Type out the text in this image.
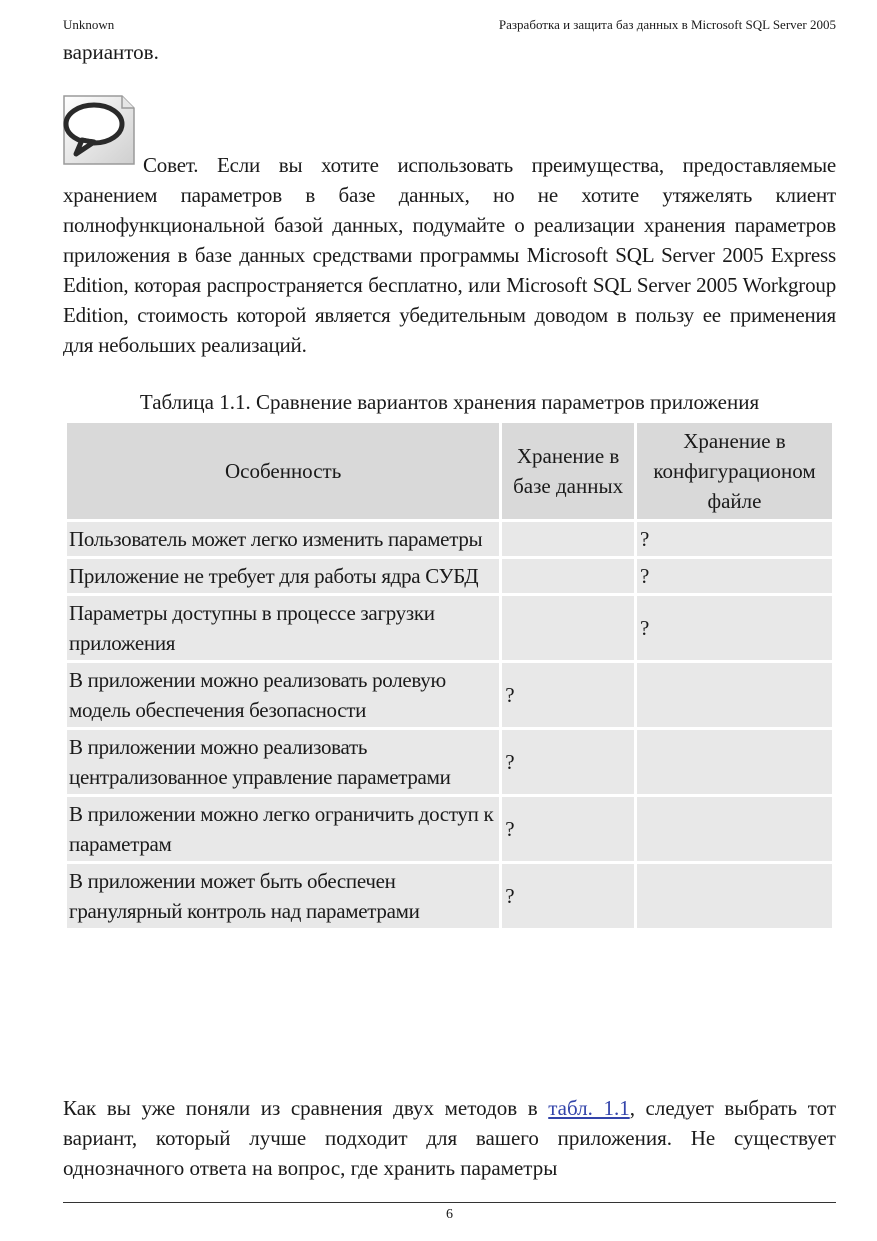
Unknown	Разработка и защита баз данных в Microsoft SQL Server 2005
вариантов.

Совет. Если вы хотите использовать преимущества, предоставляемые хранением параметров в базе данных, но не хотите утяжелять клиент полнофункциональной базой данных, подумайте о реализации хранения параметров приложения в базе данных средствами программы Microsoft SQL Server 2005 Express Edition, которая распространяется бесплатно, или Microsoft SQL Server 2005 Workgroup Edition, стоимость которой является убедительным доводом в пользу ее применения для небольших реализаций.

Таблица 1.1. Сравнение вариантов хранения параметров приложения
Особенность	Хранение в базе данных	Хранение в конфигурационом файле
Пользователь может легко изменить параметры		?
Приложение не требует для работы ядра СУБД		?
Параметры доступны в процессе загрузки приложения		?
В приложении можно реализовать ролевую модель обеспечения безопасности	?	
В приложении можно реализовать централизованное управление параметрами	?	
В приложении можно легко ограничить доступ к параметрам	?	
В приложении может быть обеспечен гранулярный контроль над параметрами	?	

Как вы уже поняли из сравнения двух методов в табл. 1.1, следует выбрать тот вариант, который лучше подходит для вашего приложения. Не существует однозначного ответа на вопрос, где хранить параметры

6
